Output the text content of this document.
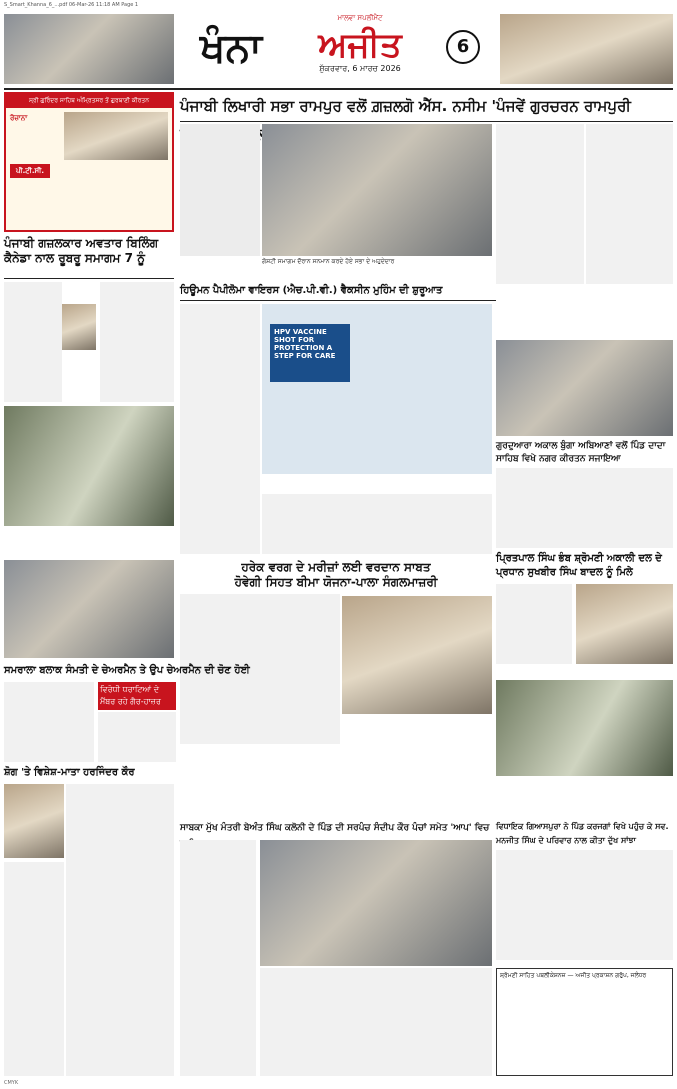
S_Smart_Khanna_6_...pdf 06-Mar-26 11:18 AM Page 1
ਖੰਨਾ
ਮਾਲਵਾ ਸਪਲੀਮੈਂਟ
ਅਜੀਤ
ਸ਼ੁੱਕਰਵਾਰ, 6 ਮਾਰਚ 2026
6
ਸ੍ਰੀ ਗੁਰਿੰਦਰ ਸਾਹਿਬ ਅੰਮ੍ਰਿਤਸਰ ਤੋਂ ਗੁਰਬਾਣੀ ਕੀਰਤਨ
ਰੋਜ਼ਾਨਾ
ਪੀ.ਟੀ.ਸੀ.
ਪੰਜਾਬੀ ਲਿਖਾਰੀ ਸਭਾ ਰਾਮਪੁਰ ਵਲੋਂ ਗ਼ਜ਼ਲਗੋ ਐੱਸ. ਨਸੀਮ 'ਪੰਜਵੇਂ ਗੁਰਚਰਨ ਰਾਮਪੁਰੀ
ਗੋਸ਼ਟੀ ਸਮਾਗਮ ਦੌਰਾਨ ਸਨਮਾਨ ਕਰਦੇ ਹੋਏ ਸਭਾ ਦੇ ਅਹੁਦੇਦਾਰ
ਪੰਜਾਬੀ ਗਜ਼ਲਕਾਰ ਅਵਤਾਰ ਬਿਲਿੰਗ ਕੈਨੇਡਾ ਨਾਲ ਰੂਬਰੂ ਸਮਾਗਮ 7 ਨੂੰ
ਹਿਊਮਨ ਪੈਪੀਲੋਮਾ ਵਾਇਰਸ (ਐਚ.ਪੀ.ਵੀ.) ਵੈਕਸੀਨ ਮੁਹਿੰਮ ਦੀ ਸ਼ੁਰੂਆਤ
HPV VACCINE SHOT FOR PROTECTION A STEP FOR CARE
ਗੁਰਦੁਆਰਾ ਅਕਾਲ ਬੁੰਗਾ ਅਬਿਆਣਾਂ ਵਲੋਂ ਪਿੰਡ ਦਾਦਾ ਸਾਹਿਬ ਵਿਖੇ ਨਗਰ ਕੀਰਤਨ ਸਜਾਇਆ
ਪ੍ਰਿਤਪਾਲ ਸਿੰਘ ਭੰਬ ਸ਼੍ਰੋਮਣੀ ਅਕਾਲੀ ਦਲ ਦੇ ਪ੍ਰਧਾਨ ਸੁਖਬੀਰ ਸਿੰਘ ਬਾਦਲ ਨੂੰ ਮਿਲੇ
ਹਰੇਕ ਵਰਗ ਦੇ ਮਰੀਜ਼ਾਂ ਲਈ ਵਰਦਾਨ ਸਾਬਤ
ਹੋਵੇਗੀ ਸਿਹਤ ਬੀਮਾ ਯੋਜਨਾ-ਪਾਲਾ ਸੰਗਲਮਾਜ਼ਰੀ
ਸਮਰਾਲਾ ਬਲਾਕ ਸੰਮਤੀ ਦੇ ਚੇਅਰਮੈਨ ਤੇ ਉਪ ਚੇਅਰਮੈਨ ਦੀ ਚੋਣ ਹੋਈ
ਵਿਰੋਧੀ ਧਰਾਟਿਆਂ ਦੇ ਮੈਂਬਰ ਰਹੇ ਗੈਰ-ਹਾਜ਼ਰ
ਸ਼ੋਗ 'ਤੇ ਵਿਸ਼ੇਸ਼-ਮਾਤਾ ਹਰਜਿੰਦਰ ਕੌਰ
ਸਾਬਕਾ ਮੁੱਖ ਮੰਤਰੀ ਬੇਅੰਤ ਸਿੰਘ ਕਲੋਨੀ ਦੇ ਪਿੰਡ ਦੀ ਸਰਪੰਚ ਸੰਦੀਪ ਕੌਰ ਪੰਚਾਂ ਸਮੇਤ 'ਆਪ' ਵਿਚ ਵਿਧਾਇਕ ਗਿਆਸਪੁਰਾ ਨੇ ਪਿੰਡ ਕਰਜਗਾਂ ਵਿਖੇ ਪਹੁੰਚ ਕੇ ਸਵ.
ਮਨਜੀਤ ਸਿੰਘ ਦੇ ਪਰਿਵਾਰ ਨਾਲ ਕੀਤਾ ਦੁੱਖ ਸਾਂਝਾ
ਸ਼੍ਰੋਮਣੀ ਸਾਹਿਤ ਪਬਲੀਕੇਸ਼ਨਜ਼ — ਅਜੀਤ ਪ੍ਰਕਾਸ਼ਨ ਗਰੁੱਪ, ਜਲੰਧਰ
CMYK
